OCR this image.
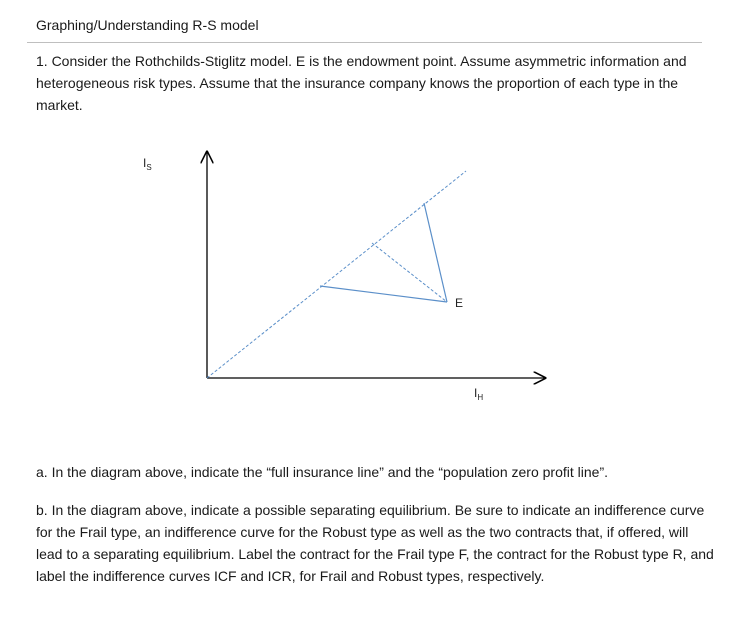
Graphing/Understanding R-S model
1. Consider the Rothchilds-Stiglitz model. E is the endowment point. Assume asymmetric information and heterogeneous risk types. Assume that the insurance company knows the proportion of each type in the market.
$I_S$
$I_H$
E
a. In the diagram above, indicate the “full insurance line” and the “population zero profit line”.
b. In the diagram above, indicate a possible separating equilibrium. Be sure to indicate an indifference curve for the Frail type, an indifference curve for the Robust type as well as the two contracts that, if offered, will lead to a separating equilibrium. Label the contract for the Frail type F, the contract for the Robust type R, and label the indifference curves ICF and ICR, for Frail and Robust types, respectively.
